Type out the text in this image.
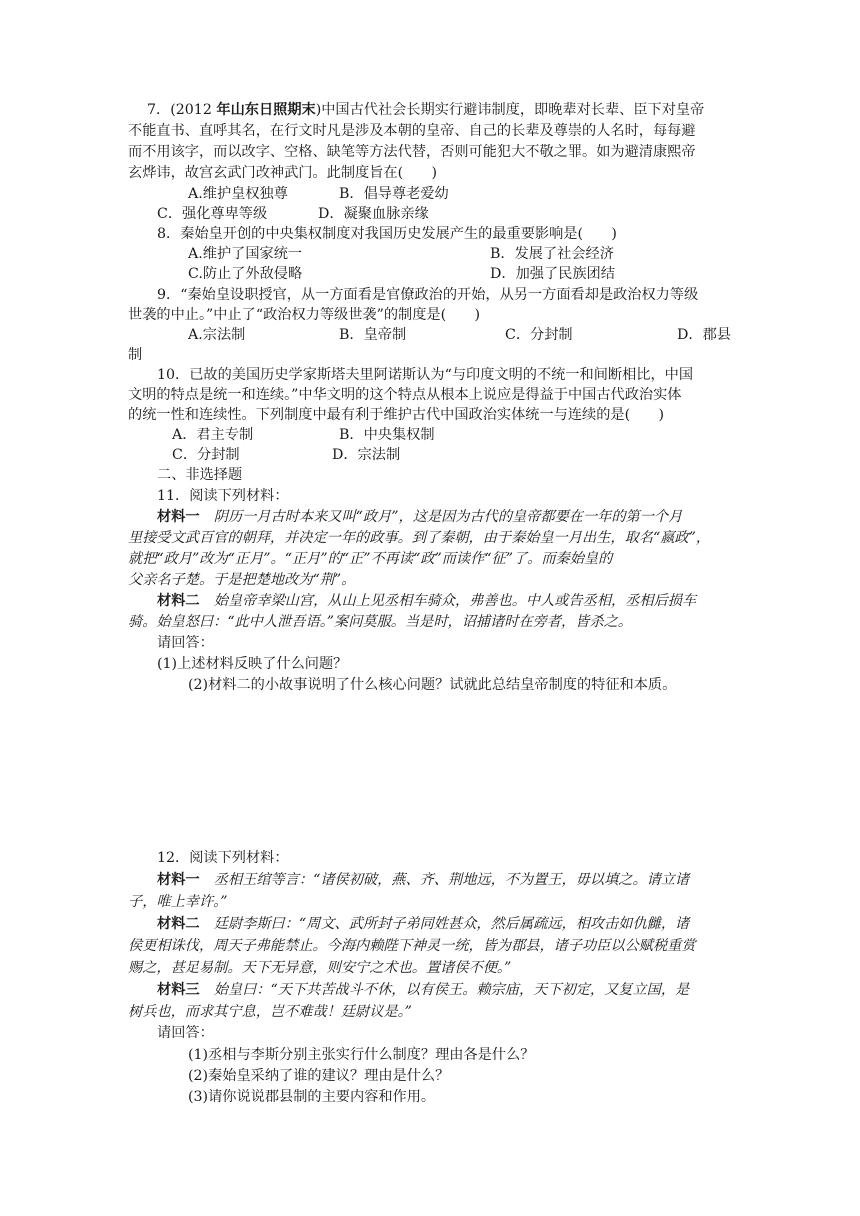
7．(2012 年山东日照期末)中国古代社会长期实行避讳制度，即晚辈对长辈、臣下对皇帝
不能直书、直呼其名，在行文时凡是涉及本朝的皇帝、自己的长辈及尊崇的人名时，每每避
而不用该字，而以改字、空格、缺笔等方法代替，否则可能犯大不敬之罪。如为避清康熙帝
玄烨讳，故宫玄武门改神武门。此制度旨在(　　)
A.维护皇权独尊	B．倡导尊老爱幼
C．强化尊卑等级	D．凝聚血脉亲缘
8．秦始皇开创的中央集权制度对我国历史发展产生的最重要影响是(　　)
A.维护了国家统一	B．发展了社会经济
C.防止了外敌侵略	D．加强了民族团结
9．“秦始皇设职授官，从一方面看是官僚政治的开始，从另一方面看却是政治权力等级
世袭的中止。”中止了“政治权力等级世袭”的制度是(　　)
A.宗法制	B．皇帝制	C．分封制	D．郡县
制
10．已故的美国历史学家斯塔夫里阿诺斯认为“与印度文明的不统一和间断相比，中国
文明的特点是统一和连续。”中华文明的这个特点从根本上说应是得益于中国古代政治实体
的统一性和连续性。下列制度中最有利于维护古代中国政治实体统一与连续的是(　　)
A．君主专制	B．中央集权制
C．分封制	D．宗法制
二、非选择题
11．阅读下列材料：
材料一　阴历一月古时本来又叫“政月”，这是因为古代的皇帝都要在一年的第一个月
里接受文武百官的朝拜，并决定一年的政事。到了秦朝，由于秦始皇一月出生，取名“嬴政”，
就把“政月”改为“正月”。“正月”的“正”不再读“政”而读作“征”了。而秦始皇的
父亲名子楚。于是把楚地改为“荆”。
材料二　始皇帝幸梁山宫，从山上见丞相车骑众，弗善也。中人或告丞相，丞相后损车
骑。始皇怒曰：“此中人泄吾语。”案问莫服。当是时，诏捕诸时在旁者，皆杀之。
请回答：
(1)上述材料反映了什么问题？
(2)材料二的小故事说明了什么核心问题？试就此总结皇帝制度的特征和本质。
12．阅读下列材料：
材料一　丞相王绾等言：“诸侯初破，燕、齐、荆地远，不为置王，毋以填之。请立诸
子，唯上幸许。”
材料二　廷尉李斯曰：“周文、武所封子弟同姓甚众，然后属疏远，相攻击如仇雠，诸
侯更相诛伐，周天子弗能禁止。今海内赖陛下神灵一统，皆为郡县，诸子功臣以公赋税重赏
赐之，甚足易制。天下无异意，则安宁之术也。置诸侯不便。”
材料三　始皇曰：“天下共苦战斗不休，以有侯王。赖宗庙，天下初定，又复立国，是
树兵也，而求其宁息，岂不难哉！廷尉议是。”
请回答：
(1)丞相与李斯分别主张实行什么制度？理由各是什么？
(2)秦始皇采纳了谁的建议？理由是什么？
(3)请你说说郡县制的主要内容和作用。
